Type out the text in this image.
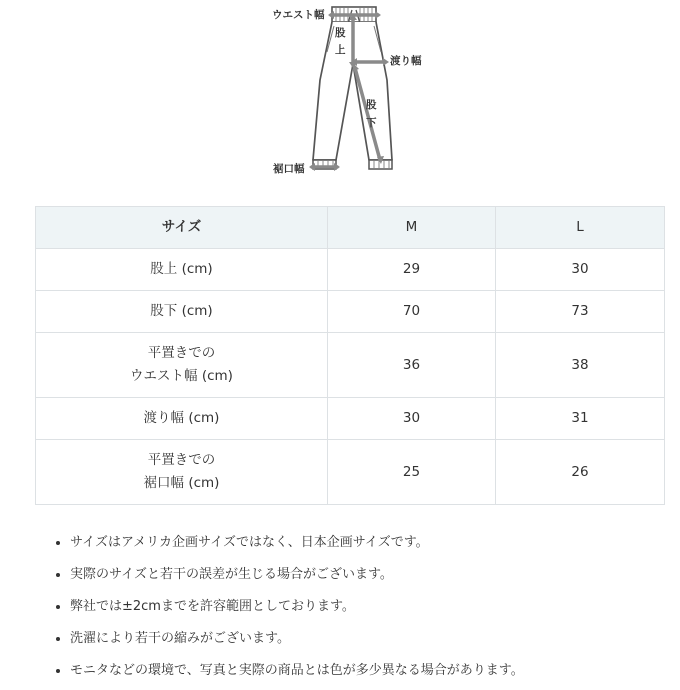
ウエスト幅
股
上
渡り幅
股
下
裾口幅
サイズ	M	L
股上 (cm)	29	30
股下 (cm)	70	73
平置きでの
ウエスト幅 (cm)	36	38
渡り幅 (cm)	30	31
平置きでの
裾口幅 (cm)	25	26
• サイズはアメリカ企画サイズではなく、日本企画サイズです。
• 実際のサイズと若干の誤差が生じる場合がございます。
• 弊社では±2cmまでを許容範囲としております。
• 洗濯により若干の縮みがございます。
• モニタなどの環境で、写真と実際の商品とは色が多少異なる場合があります。
